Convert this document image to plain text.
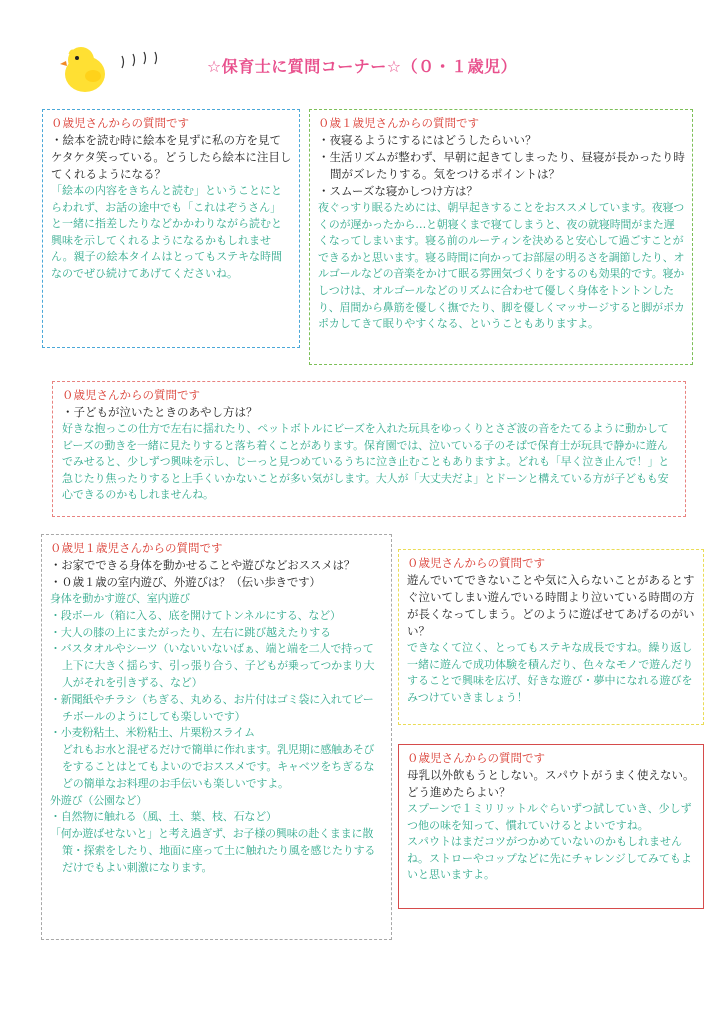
☆保育士に質問コーナー☆（０・１歳児）
０歳児さんからの質問です
・絵本を読む時に絵本を見ずに私の方を見てケタケタ笑っている。どうしたら絵本に注目してくれるようになる？
「絵本の内容をきちんと読む」ということにとらわれず、お話の途中でも「これはぞうさん」と一緒に指差したりなどかかわりながら読むと興味を示してくれるようになるかもしれません。親子の絵本タイムはとってもステキな時間なのでぜひ続けてあげてくださいね。
０歳１歳児さんからの質問です
・夜寝るようにするにはどうしたらいい？
・生活リズムが整わず、早朝に起きてしまったり、昼寝が長かったり時間がズレたりする。気をつけるポイントは？
・スムーズな寝かしつけ方は？
夜ぐっすり眠るためには、朝早起きすることをおススメしています。夜寝つくのが遅かったから…と朝寝くまで寝てしまうと、夜の就寝時間がまた遅くなってしまいます。寝る前のルーティンを決めると安心して過ごすことができるかと思います。寝る時間に向かってお部屋の明るさを調節したり、オルゴールなどの音楽をかけて眠る雰囲気づくりをするのも効果的です。寝かしつけは、オルゴールなどのリズムに合わせて優しく身体をトントンしたり、眉間から鼻筋を優しく撫でたり、脚を優しくマッサージすると脚がポカポカしてきて眠りやすくなる、ということもありますよ。
０歳児さんからの質問です
・子どもが泣いたときのあやし方は？
好きな抱っこの仕方で左右に揺れたり、ペットボトルにビーズを入れた玩具をゆっくりとさざ波の音をたてるように動かしてビーズの動きを一緒に見たりすると落ち着くことがあります。保育園では、泣いている子のそばで保育士が玩具で静かに遊んでみせると、少しずつ興味を示し、じーっと見つめているうちに泣き止むこともありますよ。どれも「早く泣き止んで！」と急じたり焦ったりすると上手くいかないことが多い気がします。大人が「大丈夫だよ」とドーンと構えている方が子どもも安心できるのかもしれませんね。
０歳児１歳児さんからの質問です
・お家でできる身体を動かせることや遊びなどおススメは？
・０歳１歳の室内遊び、外遊びは？（伝い歩きです）
身体を動かす遊び、室内遊び
・段ボール（箱に入る、底を開けてトンネルにする、など）
・大人の膝の上にまたがったり、左右に跳び越えたりする
・バスタオルやシーツ（いないいないばぁ、端と端を二人で持って上下に大きく揺らす、引っ張り合う、子どもが乗ってつかまり大人がそれを引きずる、など）
・新聞紙やチラシ（ちぎる、丸める、お片付はゴミ袋に入れてビーチボールのようにしても楽しいです）
・小麦粉粘土、米粉粘土、片栗粉スライム
どれもお水と混ぜるだけで簡単に作れます。乳児期に感触あそびをすることはとてもよいのでおススメです。キャベツをちぎるなどの簡単なお料理のお手伝いも楽しいですよ。
外遊び（公園など）
・自然物に触れる（風、土、葉、枝、石など）
「何か遊ばせないと」と考え過ぎず、お子様の興味の赴くままに散策・探索をしたり、地面に座って土に触れたり風を感じたりするだけでもよい刺激になります。
０歳児さんからの質問です
遊んでいてできないことや気に入らないことがあるとすぐ泣いてしまい遊んでいる時間より泣いている時間の方が長くなってしまう。どのように遊ばせてあげるのがいい？
できなくて泣く、とってもステキな成長ですね。繰り返し一緒に遊んで成功体験を積んだり、色々なモノで遊んだりすることで興味を広げ、好きな遊び・夢中になれる遊びをみつけていきましょう！
０歳児さんからの質問です
母乳以外飲もうとしない。スパウトがうまく使えない。どう進めたらよい？
スプーンで１ミリリットルぐらいずつ試していき、少しずつ他の味を知って、慣れていけるとよいですね。
スパウトはまだコツがつかめていないのかもしれませんね。ストローやコップなどに先にチャレンジしてみてもよいと思いますよ。
